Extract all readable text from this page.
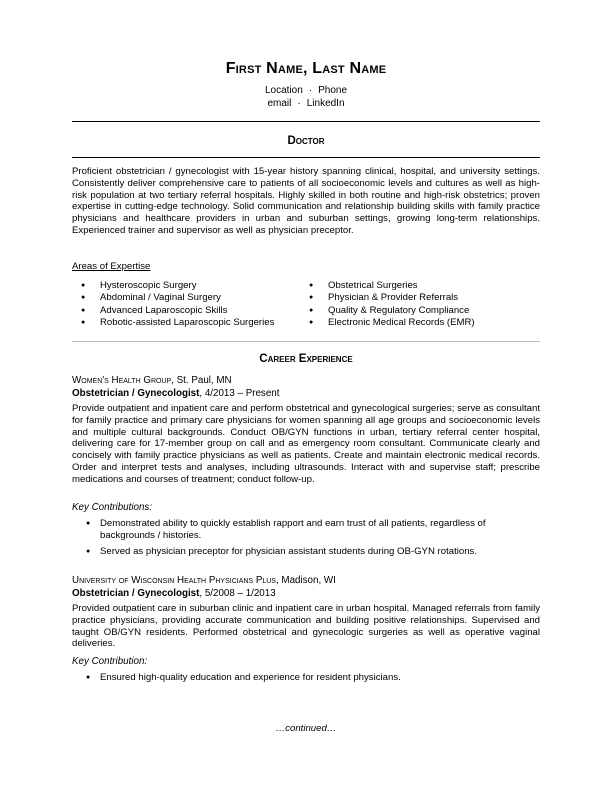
First Name, Last Name
Location · Phone
email · LinkedIn
Doctor

Proficient obstetrician / gynecologist with 15-year history spanning clinical, hospital, and university settings. Consistently deliver comprehensive care to patients of all socioeconomic levels and cultures as well as high-risk population at two tertiary referral hospitals. Highly skilled in both routine and high-risk obstetrics; proven expertise in cutting-edge technology. Solid communication and relationship building skills with family practice physicians and healthcare providers in urban and suburban settings, growing long-term relationships. Experienced trainer and supervisor as well as physician preceptor.

Areas of Expertise
● Hysteroscopic Surgery
● Abdominal / Vaginal Surgery
● Advanced Laparoscopic Skills
● Robotic-assisted Laparoscopic Surgeries
● Obstetrical Surgeries
● Physician & Provider Referrals
● Quality & Regulatory Compliance
● Electronic Medical Records (EMR)
Career Experience
Women's Health Group, St. Paul, MN
Obstetrician / Gynecologist, 4/2013 – Present

Provide outpatient and inpatient care and perform obstetrical and gynecological surgeries; serve as consultant for family practice and primary care physicians for women spanning all age groups and socioeconomic levels and multiple cultural backgrounds. Conduct OB/GYN functions in urban, tertiary referral center hospital, delivering care for 17-member group on call and as emergency room consultant. Communicate clearly and concisely with family practice physicians as well as patients. Create and maintain electronic medical records. Order and interpret tests and analyses, including ultrasounds. Interact with and supervise staff; prescribe medications and courses of treatment; conduct follow-up.

Key Contributions:
● Demonstrated ability to quickly establish rapport and earn trust of all patients, regardless of backgrounds / histories.
● Served as physician preceptor for physician assistant students during OB-GYN rotations.
University of Wisconsin Health Physicians Plus, Madison, WI
Obstetrician / Gynecologist, 5/2008 – 1/2013

Provided outpatient care in suburban clinic and inpatient care in urban hospital. Managed referrals from family practice physicians, providing accurate communication and building positive relationships. Supervised and taught OB/GYN residents. Performed obstetrical and gynecologic surgeries as well as operative vaginal deliveries.

Key Contribution:
● Ensured high-quality education and experience for resident physicians.
…continued…
